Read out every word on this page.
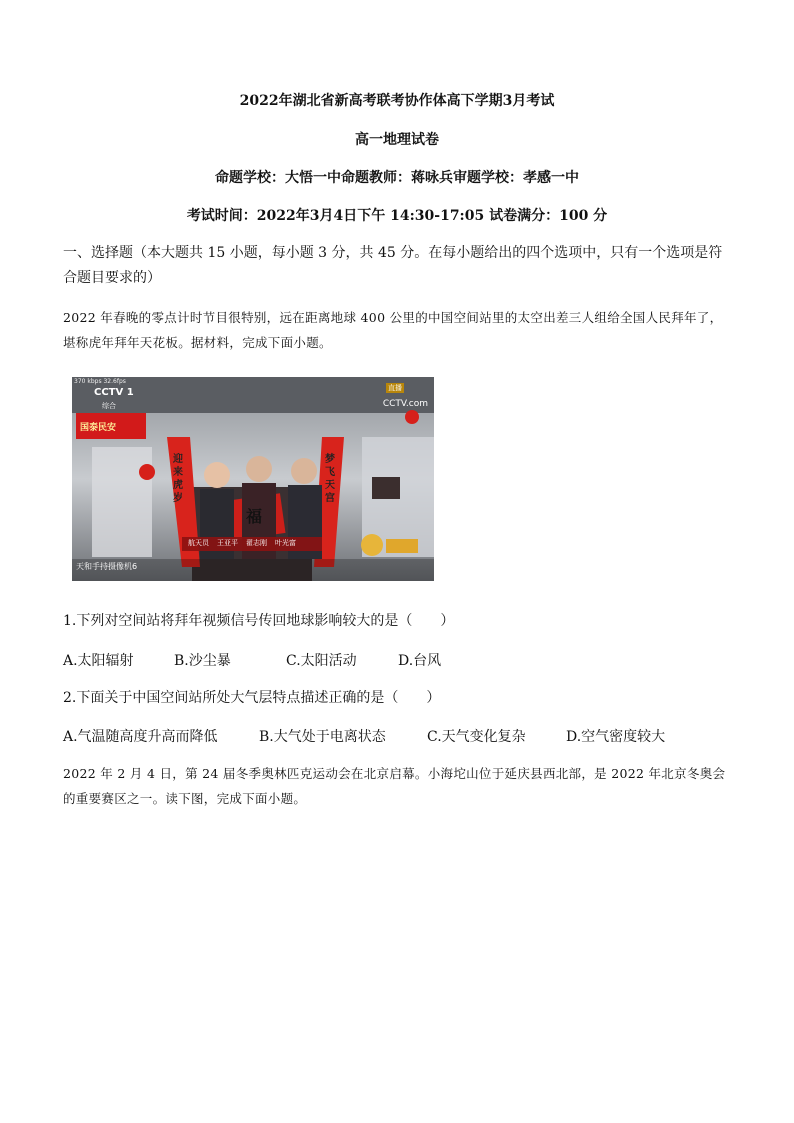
2022年湖北省新高考联考协作体高下学期3月考试
高一地理试卷
命题学校：大悟一中命题教师：蒋咏兵审题学校：孝感一中
考试时间：2022年3月4日下午 14:30-17:05 试卷满分：100 分
一、选择题（本大题共 15 小题，每小题 3 分，共 45 分。在每小题给出的四个选项中，只有一个选项是符合题目要求的）
2022 年春晚的零点计时节目很特别，远在距离地球 400 公里的中国空间站里的太空出差三人组给全国人民拜年了，堪称虎年拜年天花板。据材料，完成下面小题。
370 kbps 32.6fps
CCTV 1
综合
直播
CCTV.com
国泰民安
迎来虎岁
梦飞天宫
福
航天员 王亚平 翟志刚 叶光富
天和手持摄像机6
1.下列对空间站将拜年视频信号传回地球影响较大的是（　　）
A.太阳辐射	B.沙尘暴	C.太阳活动	D.台风
2.下面关于中国空间站所处大气层特点描述正确的是（　　）
A.气温随高度升高而降低	B.大气处于电离状态	C.天气变化复杂	D.空气密度较大
2022 年 2 月 4 日，第 24 届冬季奥林匹克运动会在北京启幕。小海坨山位于延庆县西北部，是 2022 年北京冬奥会的重要赛区之一。读下图，完成下面小题。
